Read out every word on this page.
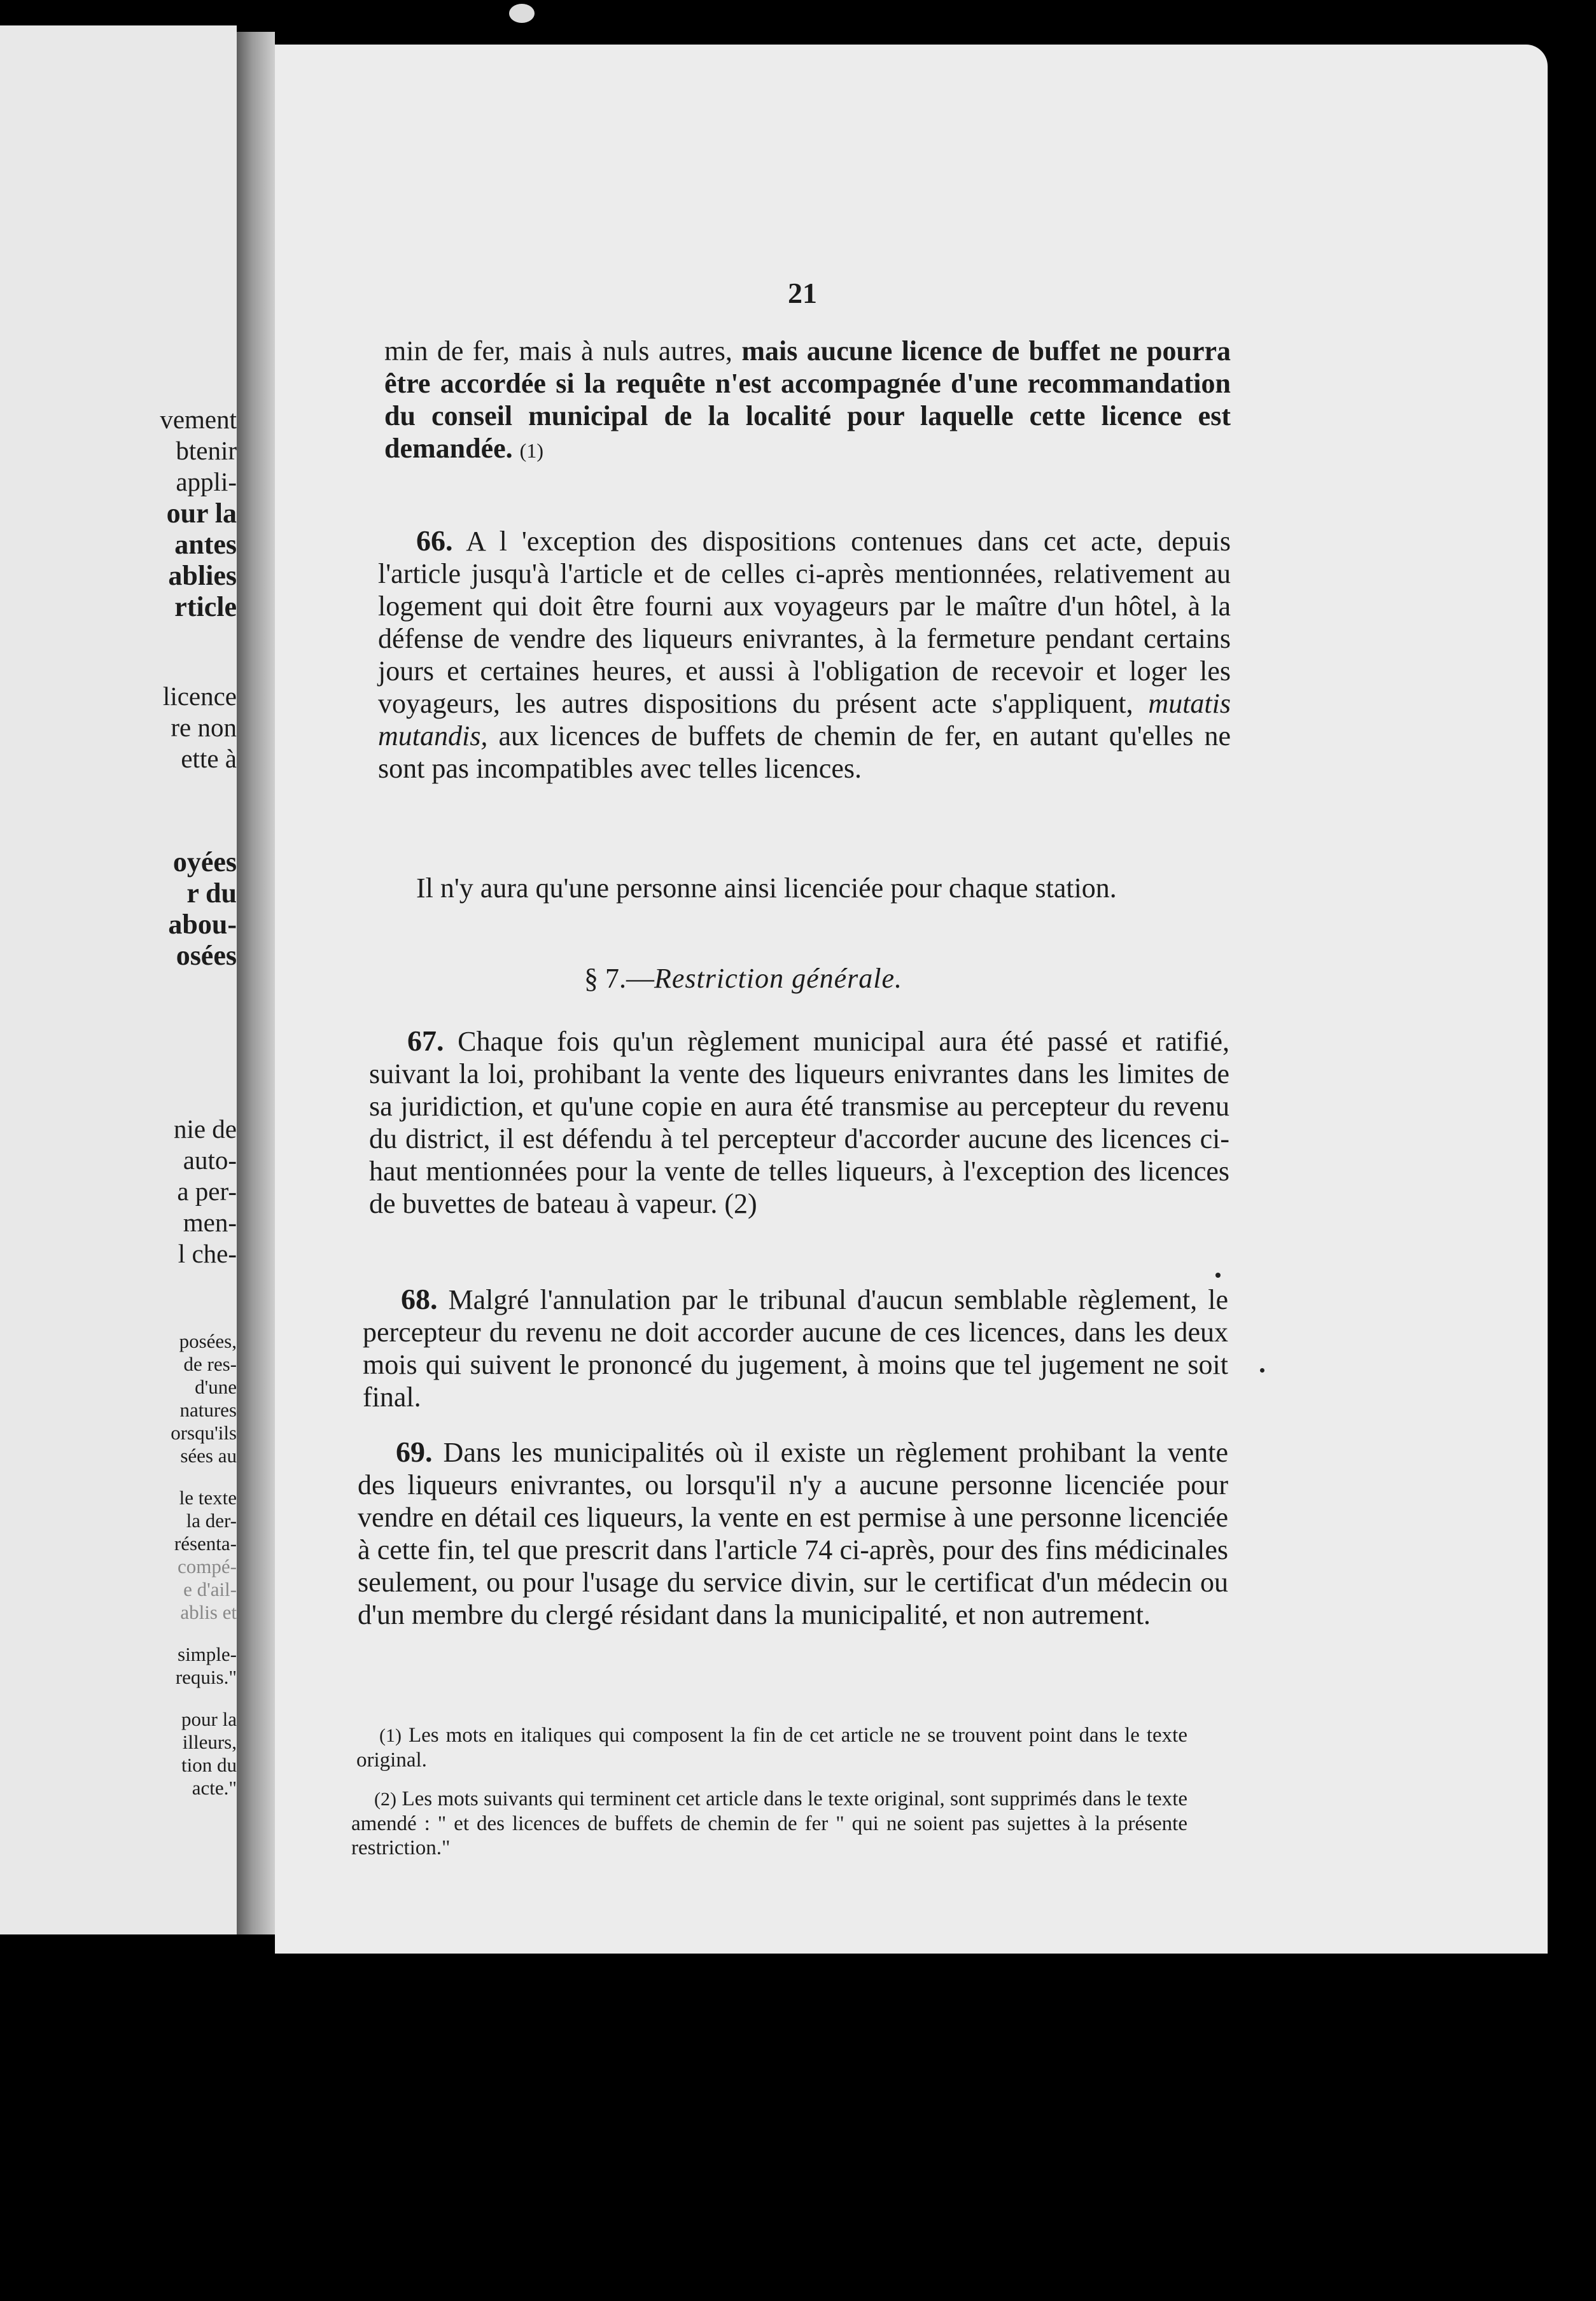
vement
btenir
appli-
our la
antes
ablies
rticle
licence
re non
ette à
oyées
r du
abou-
osées
nie de
auto-
a per-
men-
l che-
posées,
de res-
d'une
natures
orsqu'ils
sées au
le texte
la der-
résenta-
compé-
e d'ail-
ablis et
simple-
requis."
pour la
illeurs,
tion du
acte."
21
min de fer, mais à nuls autres, mais aucune licence de buffet ne pourra être accordée si la requête n'est accompagnée d'une recommandation du conseil municipal de la localité pour laquelle cette licence est demandée. (1)
66. A l 'exception des dispositions contenues dans cet acte, depuis l'article jusqu'à l'article et de celles ci-après mentionnées, relativement au logement qui doit être fourni aux voyageurs par le maître d'un hôtel, à la défense de vendre des liqueurs enivrantes, à la fermeture pendant certains jours et certaines heures, et aussi à l'obligation de recevoir et loger les voyageurs, les autres dispositions du présent acte s'appliquent, mutatis mutandis, aux licences de buffets de chemin de fer, en autant qu'elles ne sont pas incompatibles avec telles licences.
Il n'y aura qu'une personne ainsi licenciée pour chaque station.
§ 7.—Restriction générale.
67. Chaque fois qu'un règlement municipal aura été passé et ratifié, suivant la loi, prohibant la vente des liqueurs enivrantes dans les limites de sa juridiction, et qu'une copie en aura été transmise au percepteur du revenu du district, il est défendu à tel percepteur d'accorder aucune des licences ci-haut mentionnées pour la vente de telles liqueurs, à l'exception des licences de buvettes de bateau à vapeur. (2)
68. Malgré l'annulation par le tribunal d'aucun semblable règlement, le percepteur du revenu ne doit accorder aucune de ces licences, dans les deux mois qui suivent le prononcé du jugement, à moins que tel jugement ne soit final.
69. Dans les municipalités où il existe un règlement prohibant la vente des liqueurs enivrantes, ou lorsqu'il n'y a aucune personne licenciée pour vendre en détail ces liqueurs, la vente en est permise à une personne licenciée à cette fin, tel que prescrit dans l'article 74 ci-après, pour des fins médicinales seulement, ou pour l'usage du service divin, sur le certificat d'un médecin ou d'un membre du clergé résidant dans la municipalité, et non autrement.
(1) Les mots en italiques qui composent la fin de cet article ne se trouvent point dans le texte original.
(2) Les mots suivants qui terminent cet article dans le texte original, sont supprimés dans le texte amendé : " et des licences de buffets de chemin de fer " qui ne soient pas sujettes à la présente restriction."
